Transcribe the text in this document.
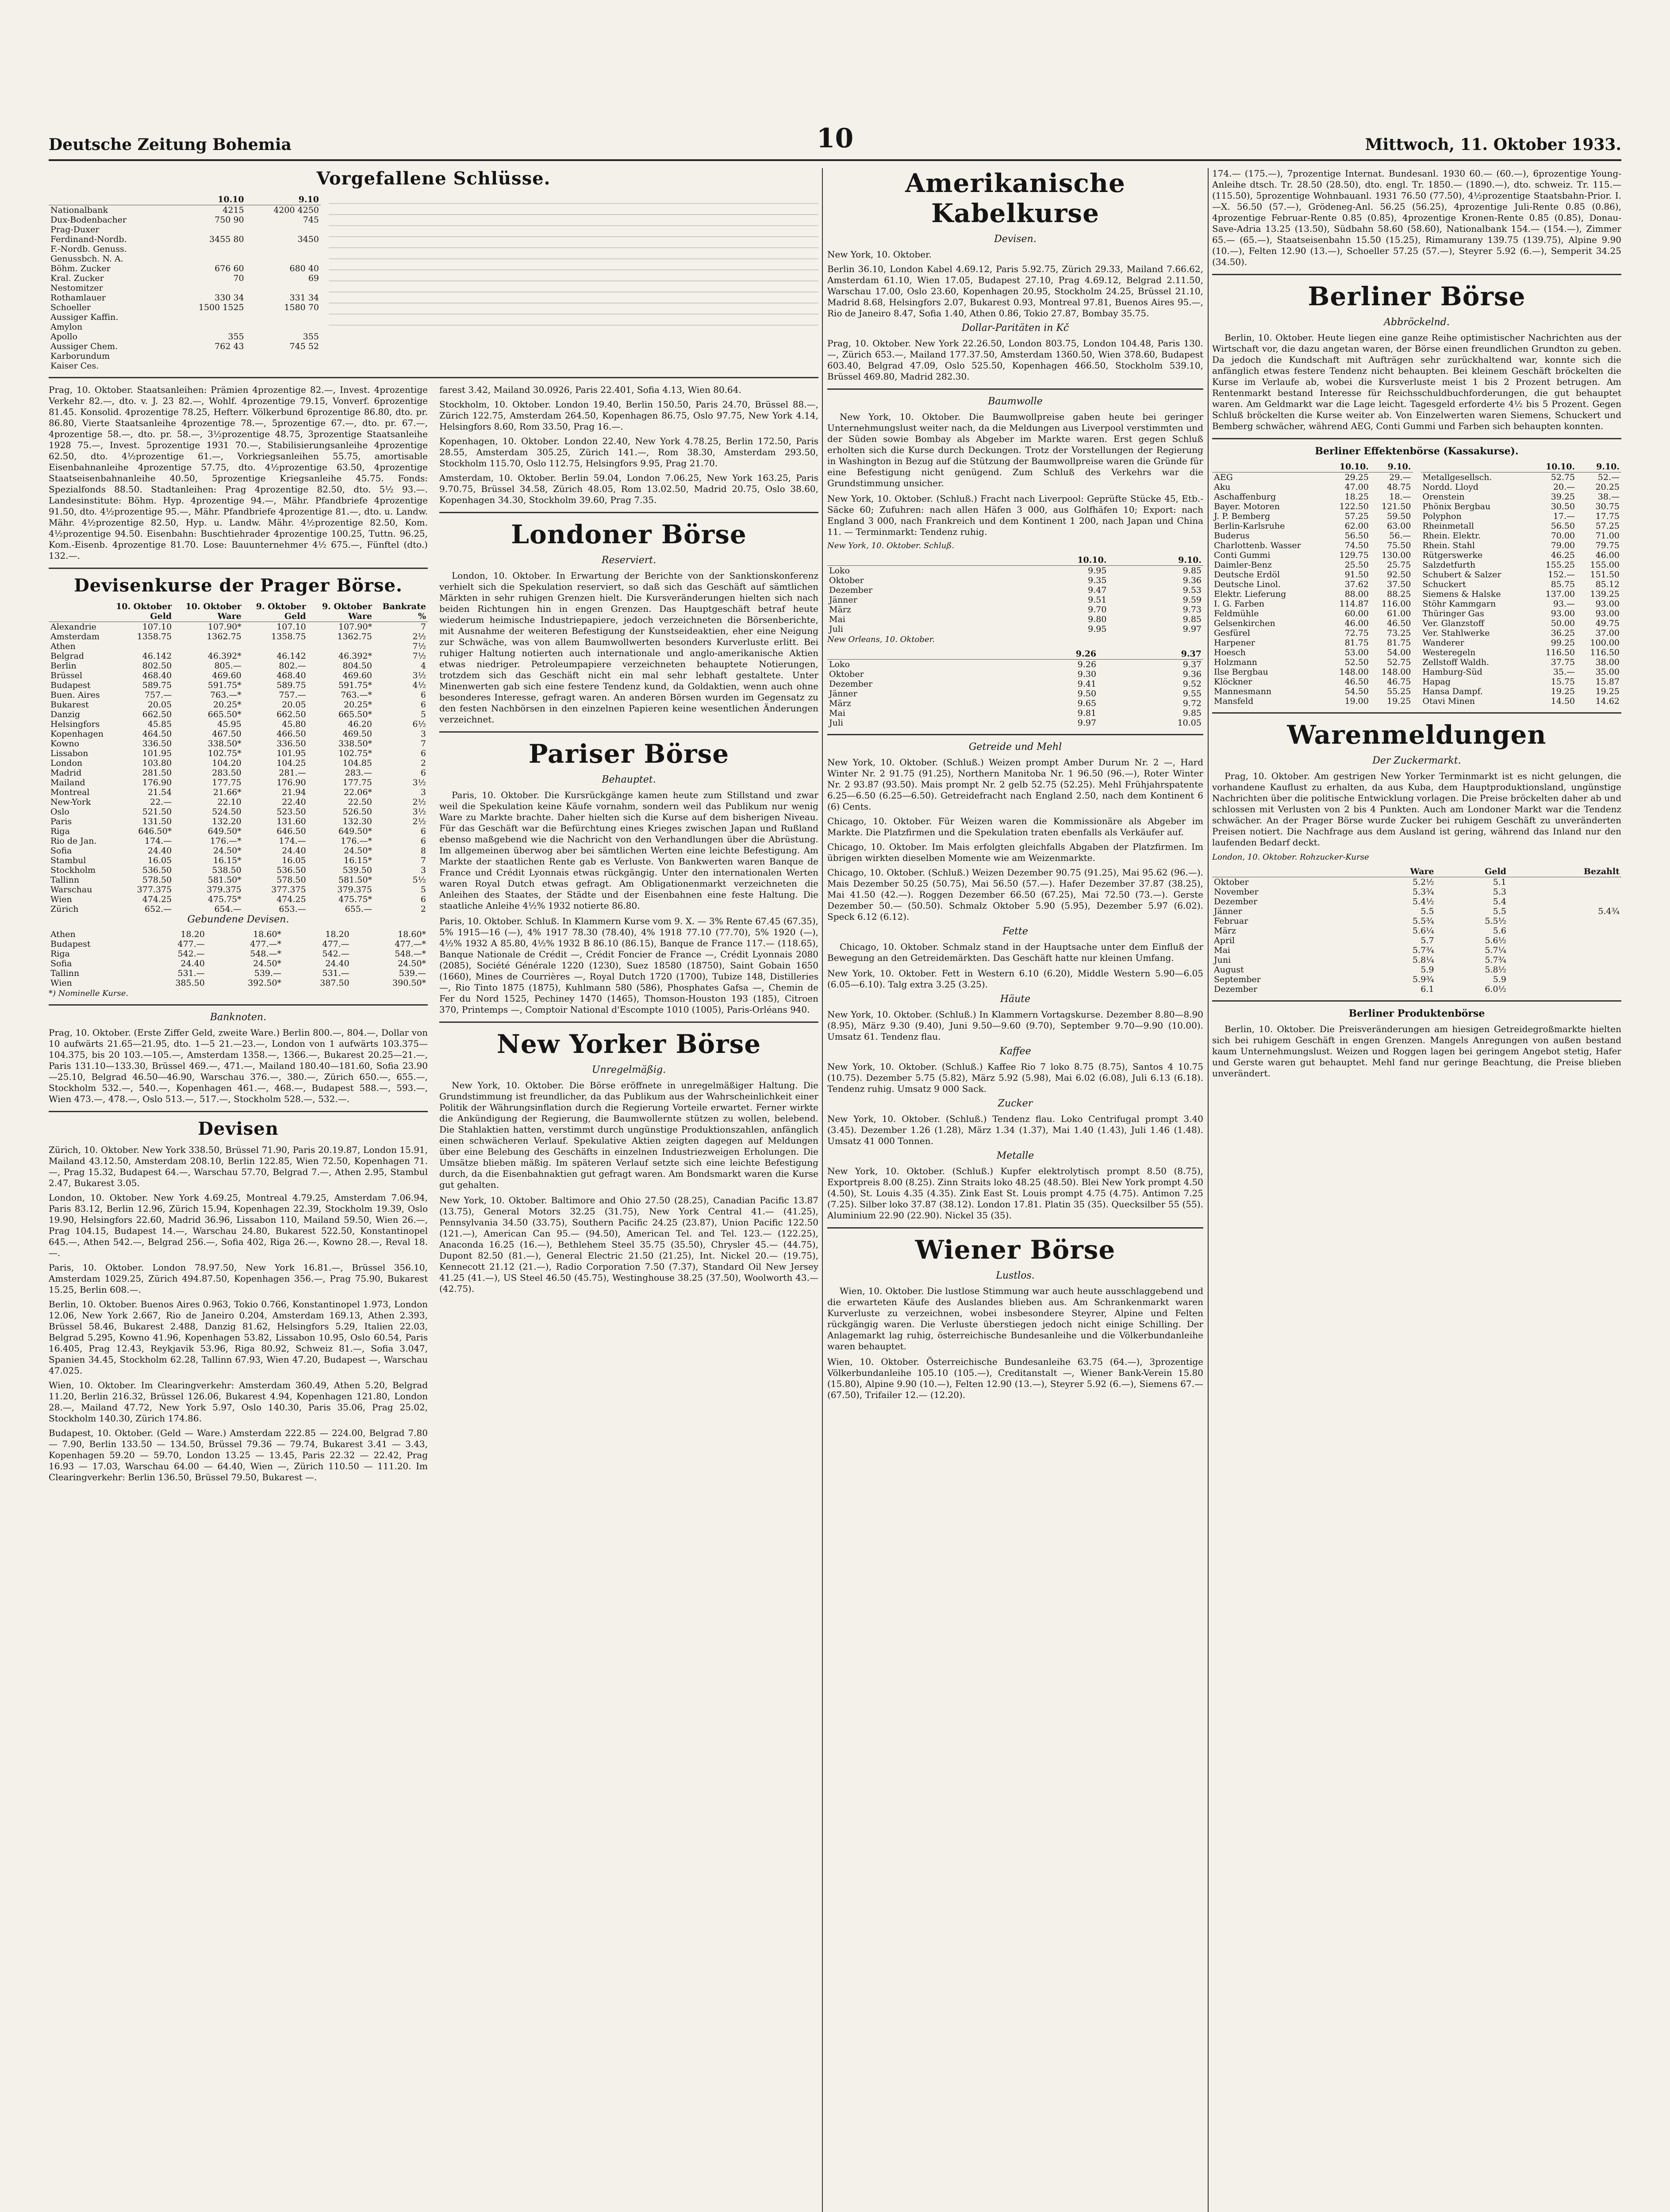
Deutsche Zeitung Bohemia	10	Mittwoch, 11. Oktober 1933.
Vorgefallene Schlüsse.
	10.10	9.10
Nationalbank	4215	4200 4250
Dux-Bodenbacher	750 90	745
Prag-Duxer		
Ferdinand-Nordb.	3455 80	3450
F.-Nordb. Genuss.		
Genussbch. N. A.		
Böhm. Zucker	676 60	680 40
Kral. Zucker	70	69
Nestomitzer		
Rothamlauer	330 34	331 34
Schoeller	1500 1525	1580 70
Aussiger Kaffin.		
Amylon		
Apollo	355	355
Aussiger Chem.	762 43	745 52
Karborundum		
Kaiser Ces.		

Prag, 10. Oktober. Staatsanleihen: Prämien 4prozentige 82.—, Invest. 4prozentige Verkehr 82.—, dto. v. J. 23 82.—, Wohlf. 4prozentige 79.15, Vonverf. 6prozentige 81.45. Konsolid. 4prozentige 78.25, Hefterr. Völkerbund 6prozentige 86.80, dto. pr. 86.80, Vierte Staatsanleihe 4prozentige 78.—, 5prozentige 67.—, dto. pr. 67.—, 4prozentige 58.—, dto. pr. 58.—, 3½prozentige 48.75, 3prozentige Staatsanleihe 1928 75.—, Invest. 5prozentige 1931 70.—, Stabilisierungsanleihe 4prozentige 62.50, dto. 4½prozentige 61.—, Vorkriegsanleihen 55.75, amortisable Eisenbahnanleihe 4prozentige 57.75, dto. 4½prozentige 63.50, 4prozentige Staatseisenbahnanleihe 40.50, 5prozentige Kriegsanleihe 45.75. Fonds: Spezialfonds 88.50. Stadtanleihen: Prag 4prozentige 82.50, dto. 5½ 93.—. Landesinstitute: Böhm. Hyp. 4prozentige 94.—, Mähr. Pfandbriefe 4prozentige 91.50, dto. 4½prozentige 95.—, Mähr. Pfandbriefe 4prozentige 81.—, dto. u. Landw. Mähr. 4½prozentige 82.50, Hyp. u. Landw. Mähr. 4½prozentige 82.50, Kom. 4½prozentige 94.50. Eisenbahn: Buschtiehrader 4prozentige 100.25, Tuttn. 96.25, Kom.-Eisenb. 4prozentige 81.70. Lose: Bauunternehmer 4½ 675.—, Fünftel (dto.) 132.—.

Devisenkurse der Prager Börse.
	10. Oktober Geld	10. Oktober Ware	9. Oktober Geld	9. Oktober Ware	Bankrate %
Alexandrie	107.10	107.90*	107.10	107.90*	7
Amsterdam	1358.75	1362.75	1358.75	1362.75	2½
Athen					7½
Belgrad	46.142	46.392*	46.142	46.392*	7½
Berlin	802.50	805.—	802.—	804.50	4
Brüssel	468.40	469.60	468.40	469.60	3½
Budapest	589.75	591.75*	589.75	591.75*	4½
Buen. Aires	757.—	763.—*	757.—	763.—*	6
Bukarest	20.05	20.25*	20.05	20.25*	6
Danzig	662.50	665.50*	662.50	665.50*	5
Helsingfors	45.85	45.95	45.80	46.20	6½
Kopenhagen	464.50	467.50	466.50	469.50	3
Kowno	336.50	338.50*	336.50	338.50*	7
Lissabon	101.95	102.75*	101.95	102.75*	6
London	103.80	104.20	104.25	104.85	2
Madrid	281.50	283.50	281.—	283.—	6
Mailand	176.90	177.75	176.90	177.75	3½
Montreal	21.54	21.66*	21.94	22.06*	3
New-York	22.—	22.10	22.40	22.50	2½
Oslo	521.50	524.50	523.50	526.50	3½
Paris	131.50	132.20	131.60	132.30	2½
Riga	646.50*	649.50*	646.50	649.50*	6
Rio de Jan.	174.—	176.—*	174.—	176.—*	6
Sofia	24.40	24.50*	24.40	24.50*	8
Stambul	16.05	16.15*	16.05	16.15*	7
Stockholm	536.50	538.50	536.50	539.50	3
Tallinn	578.50	581.50*	578.50	581.50*	5½
Warschau	377.375	379.375	377.375	379.375	5
Wien	474.25	475.75*	474.25	475.75*	6
Zürich	652.—	654.—	653.—	655.—	2
Gebundene Devisen.
Athen	18.20	18.60*	18.20	18.60*
Budapest	477.—	477.—*	477.—	477.—*
Riga	542.—	548.—*	542.—	548.—*
Sofia	24.40	24.50*	24.40	24.50*
Tallinn	531.—	539.—	531.—	539.—
Wien	385.50	392.50*	387.50	390.50*
*) Nominelle Kurse.
Banknoten.

Prag, 10. Oktober. (Erste Ziffer Geld, zweite Ware.) Berlin 800.—, 804.—, Dollar von 10 aufwärts 21.65—21.95, dto. 1—5 21.—23.—, London von 1 aufwärts 103.375—104.375, bis 20 103.—105.—, Amsterdam 1358.—, 1366.—, Bukarest 20.25—21.—, Paris 131.10—133.30, Brüssel 469.—, 471.—, Mailand 180.40—181.60, Sofia 23.90—25.10, Belgrad 46.50—46.90, Warschau 376.—, 380.—, Zürich 650.—, 655.—, Stockholm 532.—, 540.—, Kopenhagen 461.—, 468.—, Budapest 588.—, 593.—, Wien 473.—, 478.—, Oslo 513.—, 517.—, Stockholm 528.—, 532.—.

Devisen

Zürich, 10. Oktober. New York 338.50, Brüssel 71.90, Paris 20.19.87, London 15.91, Mailand 43.12.50, Amsterdam 208.10, Berlin 122.85, Wien 72.50, Kopenhagen 71.—, Prag 15.32, Budapest 64.—, Warschau 57.70, Belgrad 7.—, Athen 2.95, Stambul 2.47, Bukarest 3.05.

London, 10. Oktober. New York 4.69.25, Montreal 4.79.25, Amsterdam 7.06.94, Paris 83.12, Berlin 12.96, Zürich 15.94, Kopenhagen 22.39, Stockholm 19.39, Oslo 19.90, Helsingfors 22.60, Madrid 36.96, Lissabon 110, Mailand 59.50, Wien 26.—, Prag 104.15, Budapest 14.—, Warschau 24.80, Bukarest 522.50, Konstantinopel 645.—, Athen 542.—, Belgrad 256.—, Sofia 402, Riga 26.—, Kowno 28.—, Reval 18.—.

Paris, 10. Oktober. London 78.97.50, New York 16.81.—, Brüssel 356.10, Amsterdam 1029.25, Zürich 494.87.50, Kopenhagen 356.—, Prag 75.90, Bukarest 15.25, Berlin 608.—.

Berlin, 10. Oktober. Buenos Aires 0.963, Tokio 0.766, Konstantinopel 1.973, London 12.06, New York 2.667, Rio de Janeiro 0.204, Amsterdam 169.13, Athen 2.393, Brüssel 58.46, Bukarest 2.488, Danzig 81.62, Helsingfors 5.29, Italien 22.03, Belgrad 5.295, Kowno 41.96, Kopenhagen 53.82, Lissabon 10.95, Oslo 60.54, Paris 16.405, Prag 12.43, Reykjavik 53.96, Riga 80.92, Schweiz 81.—, Sofia 3.047, Spanien 34.45, Stockholm 62.28, Tallinn 67.93, Wien 47.20, Budapest —, Warschau 47.025.

Wien, 10. Oktober. Im Clearingverkehr: Amsterdam 360.49, Athen 5.20, Belgrad 11.20, Berlin 216.32, Brüssel 126.06, Bukarest 4.94, Kopenhagen 121.80, London 28.—, Mailand 47.72, New York 5.97, Oslo 140.30, Paris 35.06, Prag 25.02, Stockholm 140.30, Zürich 174.86.

Budapest, 10. Oktober. (Geld — Ware.) Amsterdam 222.85 — 224.00, Belgrad 7.80 — 7.90, Berlin 133.50 — 134.50, Brüssel 79.36 — 79.74, Bukarest 3.41 — 3.43, Kopenhagen 59.20 — 59.70, London 13.25 — 13.45, Paris 22.32 — 22.42, Prag 16.93 — 17.03, Warschau 64.00 — 64.40, Wien —, Zürich 110.50 — 111.20. Im Clearingverkehr: Berlin 136.50, Brüssel 79.50, Bukarest —.

farest 3.42, Mailand 30.0926, Paris 22.401, Sofia 4.13, Wien 80.64.

Stockholm, 10. Oktober. London 19.40, Berlin 150.50, Paris 24.70, Brüssel 88.—, Zürich 122.75, Amsterdam 264.50, Kopenhagen 86.75, Oslo 97.75, New York 4.14, Helsingfors 8.60, Rom 33.50, Prag 16.—.

Kopenhagen, 10. Oktober. London 22.40, New York 4.78.25, Berlin 172.50, Paris 28.55, Amsterdam 305.25, Zürich 141.—, Rom 38.30, Amsterdam 293.50, Stockholm 115.70, Oslo 112.75, Helsingfors 9.95, Prag 21.70.

Amsterdam, 10. Oktober. Berlin 59.04, London 7.06.25, New York 163.25, Paris 9.70.75, Brüssel 34.58, Zürich 48.05, Rom 13.02.50, Madrid 20.75, Oslo 38.60, Kopenhagen 34.30, Stockholm 39.60, Prag 7.35.

Londoner Börse
Reserviert.

London, 10. Oktober. In Erwartung der Berichte von der Sanktionskonferenz verhielt sich die Spekulation reserviert, so daß sich das Geschäft auf sämtlichen Märkten in sehr ruhigen Grenzen hielt. Die Kursveränderungen hielten sich nach beiden Richtungen hin in engen Grenzen. Das Hauptgeschäft betraf heute wiederum heimische Industriepapiere, jedoch verzeichneten die Börsenberichte, mit Ausnahme der weiteren Befestigung der Kunstseideaktien, eher eine Neigung zur Schwäche, was von allem Baumwollwerten besonders Kurverluste erlitt. Bei ruhiger Haltung notierten auch internationale und anglo-amerikanische Aktien etwas niedriger. Petroleumpapiere verzeichneten behauptete Notierungen, trotzdem sich das Geschäft nicht ein mal sehr lebhaft gestaltete. Unter Minenwerten gab sich eine festere Tendenz kund, da Goldaktien, wenn auch ohne besonderes Interesse, gefragt waren. An anderen Börsen wurden im Gegensatz zu den festen Nachbörsen in den einzelnen Papieren keine wesentlichen Änderungen verzeichnet.

Pariser Börse
Behauptet.

Paris, 10. Oktober. Die Kursrückgänge kamen heute zum Stillstand und zwar weil die Spekulation keine Käufe vornahm, sondern weil das Publikum nur wenig Ware zu Markte brachte. Daher hielten sich die Kurse auf dem bisherigen Niveau. Für das Geschäft war die Befürchtung eines Krieges zwischen Japan und Rußland ebenso maßgebend wie die Nachricht von den Verhandlungen über die Abrüstung. Im allgemeinen überwog aber bei sämtlichen Werten eine leichte Befestigung. Am Markte der staatlichen Rente gab es Verluste. Von Bankwerten waren Banque de France und Crédit Lyonnais etwas rückgängig. Unter den internationalen Werten waren Royal Dutch etwas gefragt. Am Obligationenmarkt verzeichneten die Anleihen des Staates, der Städte und der Eisenbahnen eine feste Haltung. Die staatliche Anleihe 4½% 1932 notierte 86.80.

Paris, 10. Oktober. Schluß. In Klammern Kurse vom 9. X. — 3% Rente 67.45 (67.35), 5% 1915—16 (—), 4% 1917 78.30 (78.40), 4% 1918 77.10 (77.70), 5% 1920 (—), 4½% 1932 A 85.80, 4½% 1932 B 86.10 (86.15), Banque de France 117.— (118.65), Banque Nationale de Crédit —, Crédit Foncier de France —, Crédit Lyonnais 2080 (2085), Société Générale 1220 (1230), Suez 18580 (18750), Saint Gobain 1650 (1660), Mines de Courrières —, Royal Dutch 1720 (1700), Tubize 148, Distilleries —, Rio Tinto 1875 (1875), Kuhlmann 580 (586), Phosphates Gafsa —, Chemin de Fer du Nord 1525, Pechiney 1470 (1465), Thomson-Houston 193 (185), Citroen 370, Printemps —, Comptoir National d'Escompte 1010 (1005), Paris-Orléans 940.

New Yorker Börse
Unregelmäßig.

New York, 10. Oktober. Die Börse eröffnete in unregelmäßiger Haltung. Die Grundstimmung ist freundlicher, da das Publikum aus der Wahrscheinlichkeit einer Politik der Währungsinflation durch die Regierung Vorteile erwartet. Ferner wirkte die Ankündigung der Regierung, die Baumwollernte stützen zu wollen, belebend. Die Stahlaktien hatten, verstimmt durch ungünstige Produktionszahlen, anfänglich einen schwächeren Verlauf. Spekulative Aktien zeigten dagegen auf Meldungen über eine Belebung des Geschäfts in einzelnen Industriezweigen Erholungen. Die Umsätze blieben mäßig. Im späteren Verlauf setzte sich eine leichte Befestigung durch, da die Eisenbahnaktien gut gefragt waren. Am Bondsmarkt waren die Kurse gut gehalten.

New York, 10. Oktober. Baltimore and Ohio 27.50 (28.25), Canadian Pacific 13.87 (13.75), General Motors 32.25 (31.75), New York Central 41.— (41.25), Pennsylvania 34.50 (33.75), Southern Pacific 24.25 (23.87), Union Pacific 122.50 (121.—), American Can 95.— (94.50), American Tel. and Tel. 123.— (122.25), Anaconda 16.25 (16.—), Bethlehem Steel 35.75 (35.50), Chrysler 45.— (44.75), Dupont 82.50 (81.—), General Electric 21.50 (21.25), Int. Nickel 20.— (19.75), Kennecott 21.12 (21.—), Radio Corporation 7.50 (7.37), Standard Oil New Jersey 41.25 (41.—), US Steel 46.50 (45.75), Westinghouse 38.25 (37.50), Woolworth 43.— (42.75).

Amerikanische Kabelkurse
Devisen.

New York, 10. Oktober.

Berlin 36.10, London Kabel 4.69.12, Paris 5.92.75, Zürich 29.33, Mailand 7.66.62, Amsterdam 61.10, Wien 17.05, Budapest 27.10, Prag 4.69.12, Belgrad 2.11.50, Warschau 17.00, Oslo 23.60, Kopenhagen 20.95, Stockholm 24.25, Brüssel 21.10, Madrid 8.68, Helsingfors 2.07, Bukarest 0.93, Montreal 97.81, Buenos Aires 95.—, Rio de Janeiro 8.47, Sofia 1.40, Athen 0.86, Tokio 27.87, Bombay 35.75.

Dollar-Paritäten in Kč

Prag, 10. Oktober. New York 22.26.50, London 803.75, London 104.48, Paris 130.—, Zürich 653.—, Mailand 177.37.50, Amsterdam 1360.50, Wien 378.60, Budapest 603.40, Belgrad 47.09, Oslo 525.50, Kopenhagen 466.50, Stockholm 539.10, Brüssel 469.80, Madrid 282.30.

Baumwolle

New York, 10. Oktober. Die Baumwollpreise gaben heute bei geringer Unternehmungslust weiter nach, da die Meldungen aus Liverpool verstimmten und der Süden sowie Bombay als Abgeber im Markte waren. Erst gegen Schluß erholten sich die Kurse durch Deckungen. Trotz der Vorstellungen der Regierung in Washington in Bezug auf die Stützung der Baumwollpreise waren die Gründe für eine Befestigung nicht genügend. Zum Schluß des Verkehrs war die Grundstimmung unsicher.

New York, 10. Oktober. (Schluß.) Fracht nach Liverpool: Geprüfte Stücke 45, Etb.-Säcke 60; Zufuhren: nach allen Häfen 3 000, aus Golfhäfen 10; Export: nach England 3 000, nach Frankreich und dem Kontinent 1 200, nach Japan und China 11. — Terminmarkt: Tendenz ruhig.

New York, 10. Oktober. Schluß.
	10.10.	9.10.
Loko	9.95	9.85
Oktober	9.35	9.36
Dezember	9.47	9.53
Jänner	9.51	9.59
März	9.70	9.73
Mai	9.80	9.85
Juli	9.95	9.97
New Orleans, 10. Oktober.
	9.26	9.37
Loko	9.26	9.37
Oktober	9.30	9.36
Dezember	9.41	9.52
Jänner	9.50	9.55
März	9.65	9.72
Mai	9.81	9.85
Juli	9.97	10.05
Getreide und Mehl

New York, 10. Oktober. (Schluß.) Weizen prompt Amber Durum Nr. 2 —, Hard Winter Nr. 2 91.75 (91.25), Northern Manitoba Nr. 1 96.50 (96.—), Roter Winter Nr. 2 93.87 (93.50). Mais prompt Nr. 2 gelb 52.75 (52.25). Mehl Frühjahrspatente 6.25—6.50 (6.25—6.50). Getreidefracht nach England 2.50, nach dem Kontinent 6 (6) Cents.

Chicago, 10. Oktober. Für Weizen waren die Kommissionäre als Abgeber im Markte. Die Platzfirmen und die Spekulation traten ebenfalls als Verkäufer auf.

Chicago, 10. Oktober. Im Mais erfolgten gleichfalls Abgaben der Platzfirmen. Im übrigen wirkten dieselben Momente wie am Weizenmarkte.

Chicago, 10. Oktober. (Schluß.) Weizen Dezember 90.75 (91.25), Mai 95.62 (96.—). Mais Dezember 50.25 (50.75), Mai 56.50 (57.—). Hafer Dezember 37.87 (38.25), Mai 41.50 (42.—). Roggen Dezember 66.50 (67.25), Mai 72.50 (73.—). Gerste Dezember 50.— (50.50). Schmalz Oktober 5.90 (5.95), Dezember 5.97 (6.02). Speck 6.12 (6.12).

Fette

Chicago, 10. Oktober. Schmalz stand in der Hauptsache unter dem Einfluß der Bewegung an den Getreidemärkten. Das Geschäft hatte nur kleinen Umfang.

New York, 10. Oktober. Fett in Western 6.10 (6.20), Middle Western 5.90—6.05 (6.05—6.10). Talg extra 3.25 (3.25).

Häute

New York, 10. Oktober. (Schluß.) In Klammern Vortagskurse. Dezember 8.80—8.90 (8.95), März 9.30 (9.40), Juni 9.50—9.60 (9.70), September 9.70—9.90 (10.00). Umsatz 61. Tendenz flau.

Kaffee

New York, 10. Oktober. (Schluß.) Kaffee Rio 7 loko 8.75 (8.75), Santos 4 10.75 (10.75). Dezember 5.75 (5.82), März 5.92 (5.98), Mai 6.02 (6.08), Juli 6.13 (6.18). Tendenz ruhig. Umsatz 9 000 Sack.

Zucker

New York, 10. Oktober. (Schluß.) Tendenz flau. Loko Centrifugal prompt 3.40 (3.45). Dezember 1.26 (1.28), März 1.34 (1.37), Mai 1.40 (1.43), Juli 1.46 (1.48). Umsatz 41 000 Tonnen.

Metalle

New York, 10. Oktober. (Schluß.) Kupfer elektrolytisch prompt 8.50 (8.75), Exportpreis 8.00 (8.25). Zinn Straits loko 48.25 (48.50). Blei New York prompt 4.50 (4.50), St. Louis 4.35 (4.35). Zink East St. Louis prompt 4.75 (4.75). Antimon 7.25 (7.25). Silber loko 37.87 (38.12). London 17.81. Platin 35 (35). Quecksilber 55 (55). Aluminium 22.90 (22.90). Nickel 35 (35).

Wiener Börse
Lustlos.

Wien, 10. Oktober. Die lustlose Stimmung war auch heute ausschlaggebend und die erwarteten Käufe des Auslandes blieben aus. Am Schrankenmarkt waren Kurverluste zu verzeichnen, wobei insbesondere Steyrer, Alpine und Felten rückgängig waren. Die Verluste überstiegen jedoch nicht einige Schilling. Der Anlagemarkt lag ruhig, österreichische Bundesanleihe und die Völkerbundanleihe waren behauptet.

Wien, 10. Oktober. Österreichische Bundesanleihe 63.75 (64.—), 3prozentige Völkerbundanleihe 105.10 (105.—), Creditanstalt —, Wiener Bank-Verein 15.80 (15.80), Alpine 9.90 (10.—), Felten 12.90 (13.—), Steyrer 5.92 (6.—), Siemens 67.— (67.50), Trifailer 12.— (12.20).

174.— (175.—), 7prozentige Internat. Bundesanl. 1930 60.— (60.—), 6prozentige Young-Anleihe dtsch. Tr. 28.50 (28.50), dto. engl. Tr. 1850.— (1890.—), dto. schweiz. Tr. 115.— (115.50), 5prozentige Wohnbauanl. 1931 76.50 (77.50), 4½prozentige Staatsbahn-Prior. I.—X. 56.50 (57.—), Grödeneg-Anl. 56.25 (56.25), 4prozentige Juli-Rente 0.85 (0.86), 4prozentige Februar-Rente 0.85 (0.85), 4prozentige Kronen-Rente 0.85 (0.85), Donau-Save-Adria 13.25 (13.50), Südbahn 58.60 (58.60), Nationalbank 154.— (154.—), Zimmer 65.— (65.—), Staatseisenbahn 15.50 (15.25), Rimamurany 139.75 (139.75), Alpine 9.90 (10.—), Felten 12.90 (13.—), Schoeller 57.25 (57.—), Steyrer 5.92 (6.—), Semperit 34.25 (34.50).

Berliner Börse
Abbröckelnd.

Berlin, 10. Oktober. Heute liegen eine ganze Reihe optimistischer Nachrichten aus der Wirtschaft vor, die dazu angetan waren, der Börse einen freundlichen Grundton zu geben. Da jedoch die Kundschaft mit Aufträgen sehr zurückhaltend war, konnte sich die anfänglich etwas festere Tendenz nicht behaupten. Bei kleinem Geschäft bröckelten die Kurse im Verlaufe ab, wobei die Kursverluste meist 1 bis 2 Prozent betrugen. Am Rentenmarkt bestand Interesse für Reichsschuldbuchforderungen, die gut behauptet waren. Am Geldmarkt war die Lage leicht. Tagesgeld erforderte 4½ bis 5 Prozent. Gegen Schluß bröckelten die Kurse weiter ab. Von Einzelwerten waren Siemens, Schuckert und Bemberg schwächer, während AEG, Conti Gummi und Farben sich behaupten konnten.

Berliner Effektenbörse (Kassakurse).
	10.10.	9.10.
AEG	29.25	29.—
Aku	47.00	48.75
Aschaffenburg	18.25	18.—
Bayer. Motoren	122.50	121.50
J. P. Bemberg	57.25	59.50
Berlin-Karlsruhe	62.00	63.00
Buderus	56.50	56.—
Charlottenb. Wasser	74.50	75.50
Conti Gummi	129.75	130.00
Daimler-Benz	25.50	25.75
Deutsche Erdöl	91.50	92.50
Deutsche Linol.	37.62	37.50
Elektr. Lieferung	88.00	88.25
I. G. Farben	114.87	116.00
Feldmühle	60.00	61.00
Gelsenkirchen	46.00	46.50
Gesfürel	72.75	73.25
Harpener	81.75	81.75
Hoesch	53.00	54.00
Holzmann	52.50	52.75
Ilse Bergbau	148.00	148.00
Klöckner	46.50	46.75
Mannesmann	54.50	55.25
Mansfeld	19.00	19.25
	10.10.	9.10.
Metallgesellsch.	52.75	52.—
Nordd. Lloyd	20.—	20.25
Orenstein	39.25	38.—
Phönix Bergbau	30.50	30.75
Polyphon	17.—	17.75
Rheinmetall	56.50	57.25
Rhein. Elektr.	70.00	71.00
Rhein. Stahl	79.00	79.75
Rütgerswerke	46.25	46.00
Salzdetfurth	155.25	155.00
Schubert & Salzer	152.—	151.50
Schuckert	85.75	85.12
Siemens & Halske	137.00	139.25
Stöhr Kammgarn	93.—	93.00
Thüringer Gas	93.00	93.00
Ver. Glanzstoff	50.00	49.75
Ver. Stahlwerke	36.25	37.00
Wanderer	99.25	100.00
Westeregeln	116.50	116.50
Zellstoff Waldh.	37.75	38.00
Hamburg-Süd	35.—	35.00
Hapag	15.75	15.87
Hansa Dampf.	19.25	19.25
Otavi Minen	14.50	14.62
Warenmeldungen
Der Zuckermarkt.

Prag, 10. Oktober. Am gestrigen New Yorker Terminmarkt ist es nicht gelungen, die vorhandene Kauflust zu erhalten, da aus Kuba, dem Hauptproduktionsland, ungünstige Nachrichten über die politische Entwicklung vorlagen. Die Preise bröckelten daher ab und schlossen mit Verlusten von 2 bis 4 Punkten. Auch am Londoner Markt war die Tendenz schwächer. An der Prager Börse wurde Zucker bei ruhigem Geschäft zu unveränderten Preisen notiert. Die Nachfrage aus dem Ausland ist gering, während das Inland nur den laufenden Bedarf deckt.

London, 10. Oktober. Rohzucker-Kurse
	Ware	Geld	Bezahlt
Oktober	5.2½	5.1	
November	5.3¾	5.3	
Dezember	5.4½	5.4	
Jänner	5.5	5.5	5.4¾
Februar	5.5¾	5.5½	
März	5.6¼	5.6	
April	5.7	5.6½	
Mai	5.7¾	5.7¼	
Juni	5.8¼	5.7¾	
August	5.9	5.8½	
September	5.9¾	5.9	
Dezember	6.1	6.0½	
Berliner Produktenbörse

Berlin, 10. Oktober. Die Preisveränderungen am hiesigen Getreidegroßmarkte hielten sich bei ruhigem Geschäft in engen Grenzen. Mangels Anregungen von außen bestand kaum Unternehmungslust. Weizen und Roggen lagen bei geringem Angebot stetig, Hafer und Gerste waren gut behauptet. Mehl fand nur geringe Beachtung, die Preise blieben unverändert.
